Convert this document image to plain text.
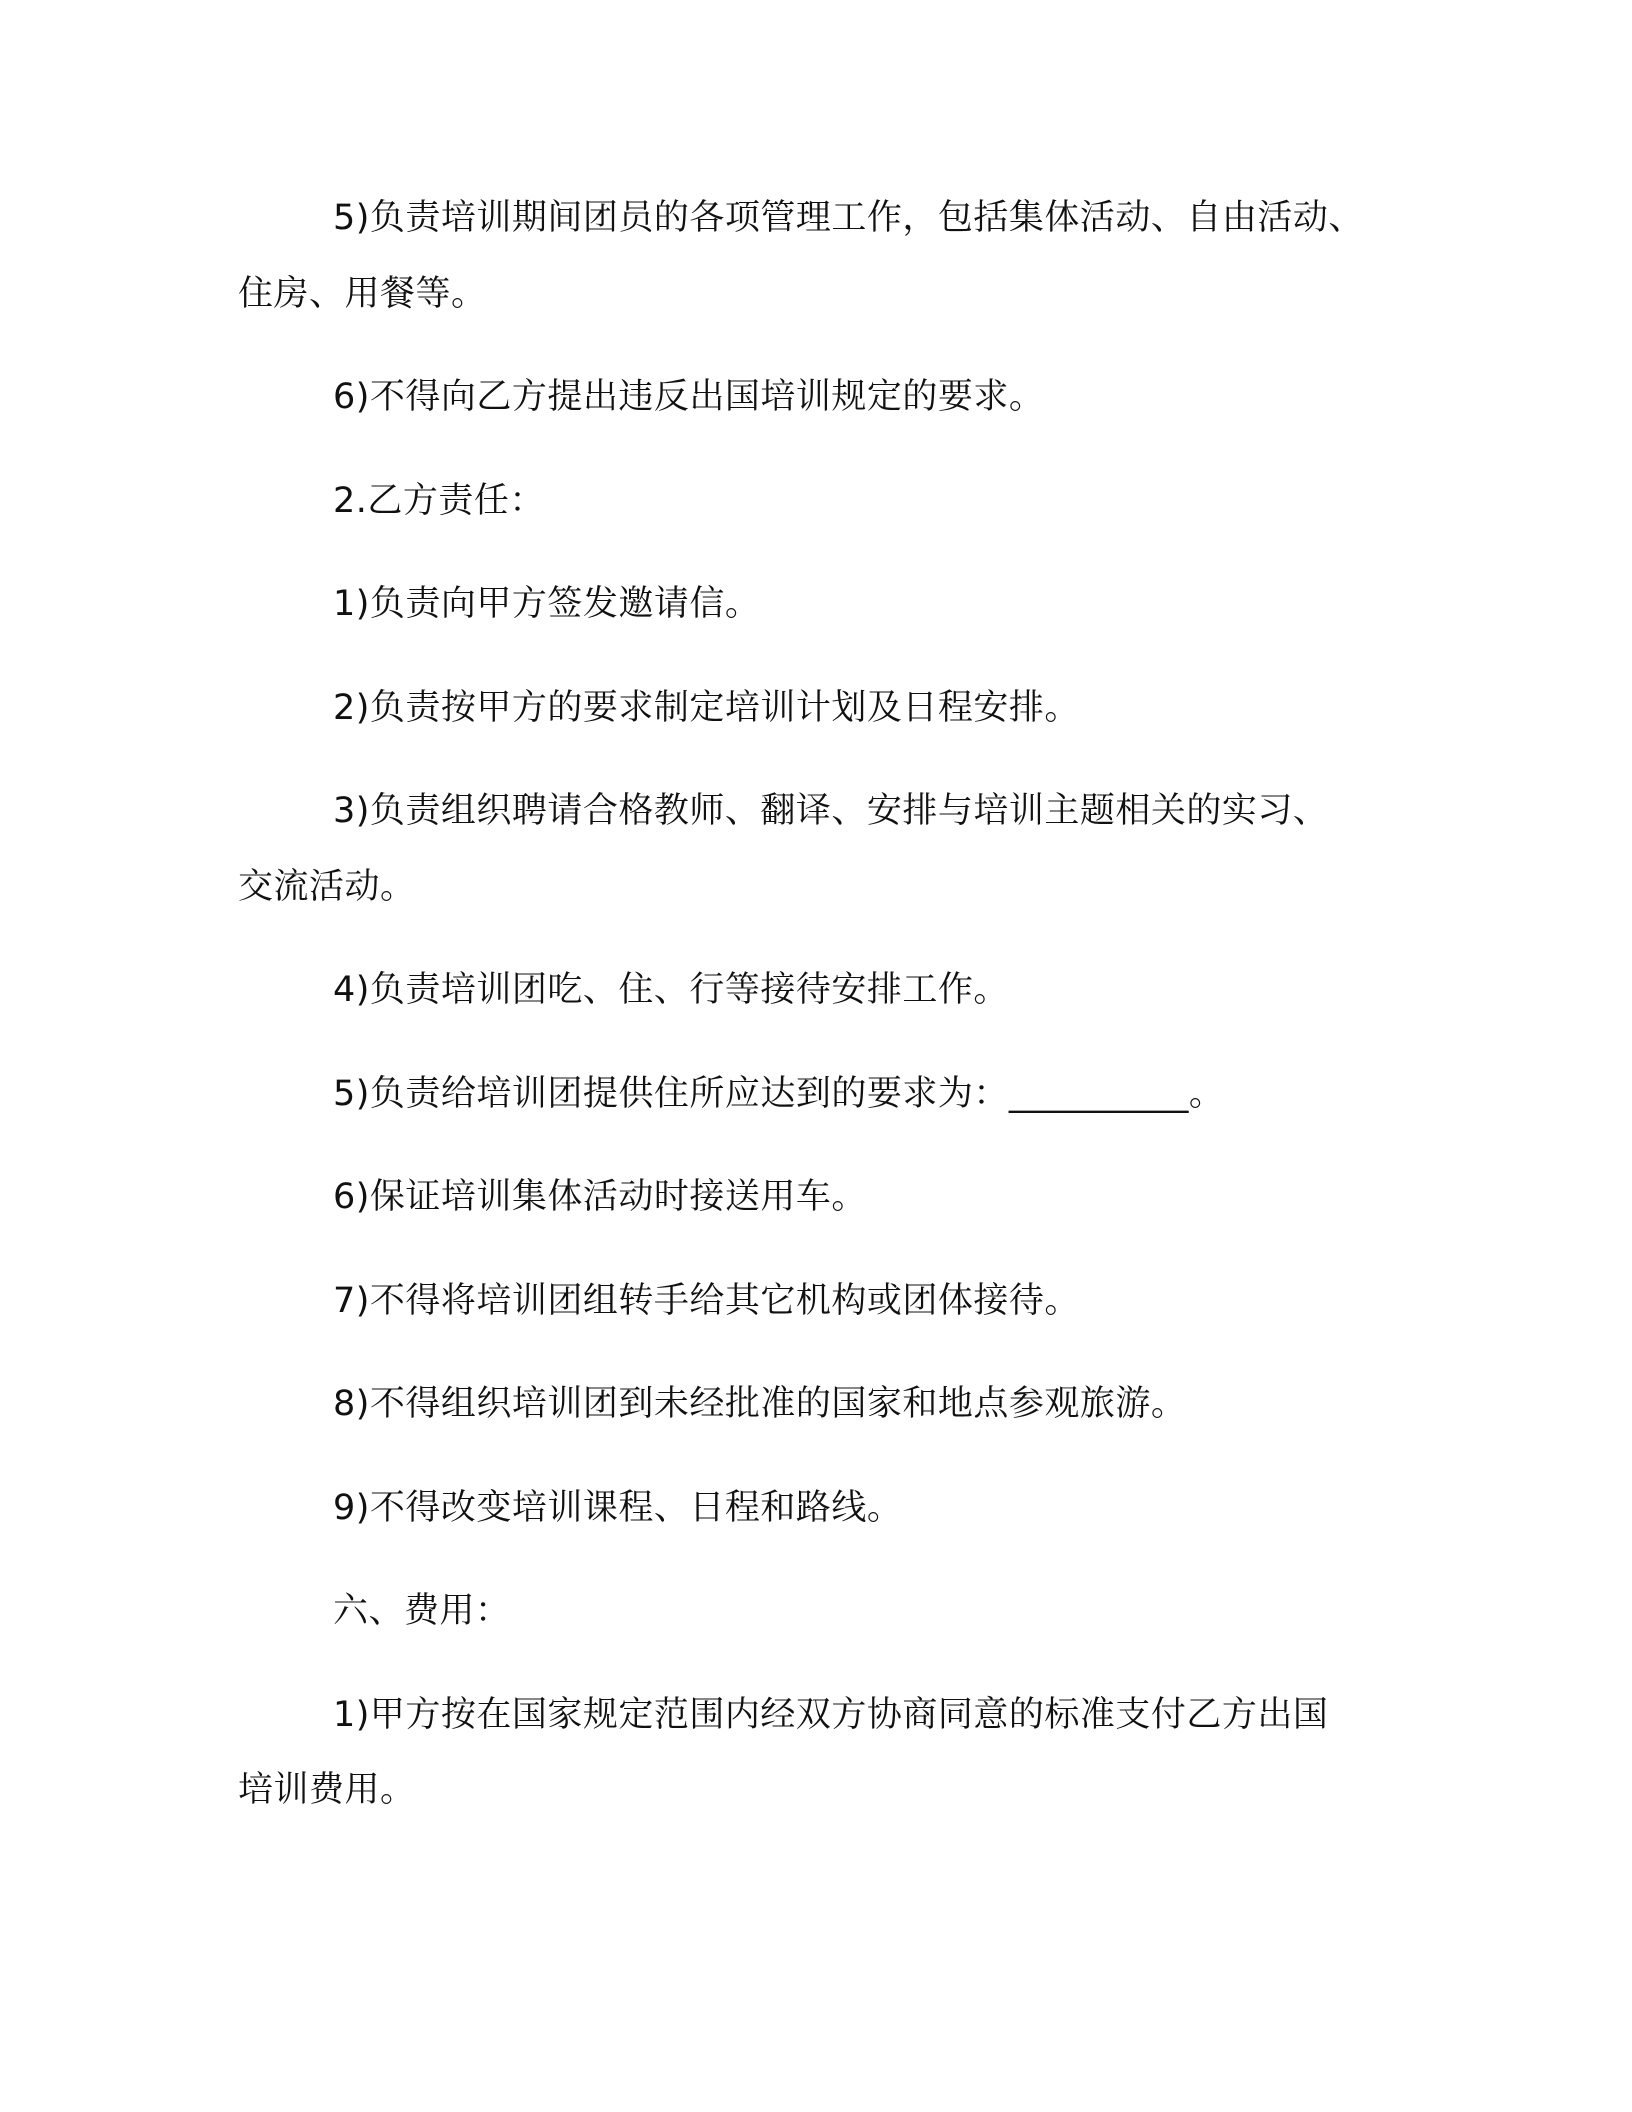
5)负责培训期间团员的各项管理工作，包括集体活动、自由活动、

住房、用餐等。

6)不得向乙方提出违反出国培训规定的要求。

2.乙方责任：

1)负责向甲方签发邀请信。

2)负责按甲方的要求制定培训计划及日程安排。

3)负责组织聘请合格教师、翻译、安排与培训主题相关的实习、

交流活动。

4)负责培训团吃、住、行等接待安排工作。

5)负责给培训团提供住所应达到的要求为：__________。

6)保证培训集体活动时接送用车。

7)不得将培训团组转手给其它机构或团体接待。

8)不得组织培训团到未经批准的国家和地点参观旅游。

9)不得改变培训课程、日程和路线。

六、费用：

1)甲方按在国家规定范围内经双方协商同意的标准支付乙方出国

培训费用。
